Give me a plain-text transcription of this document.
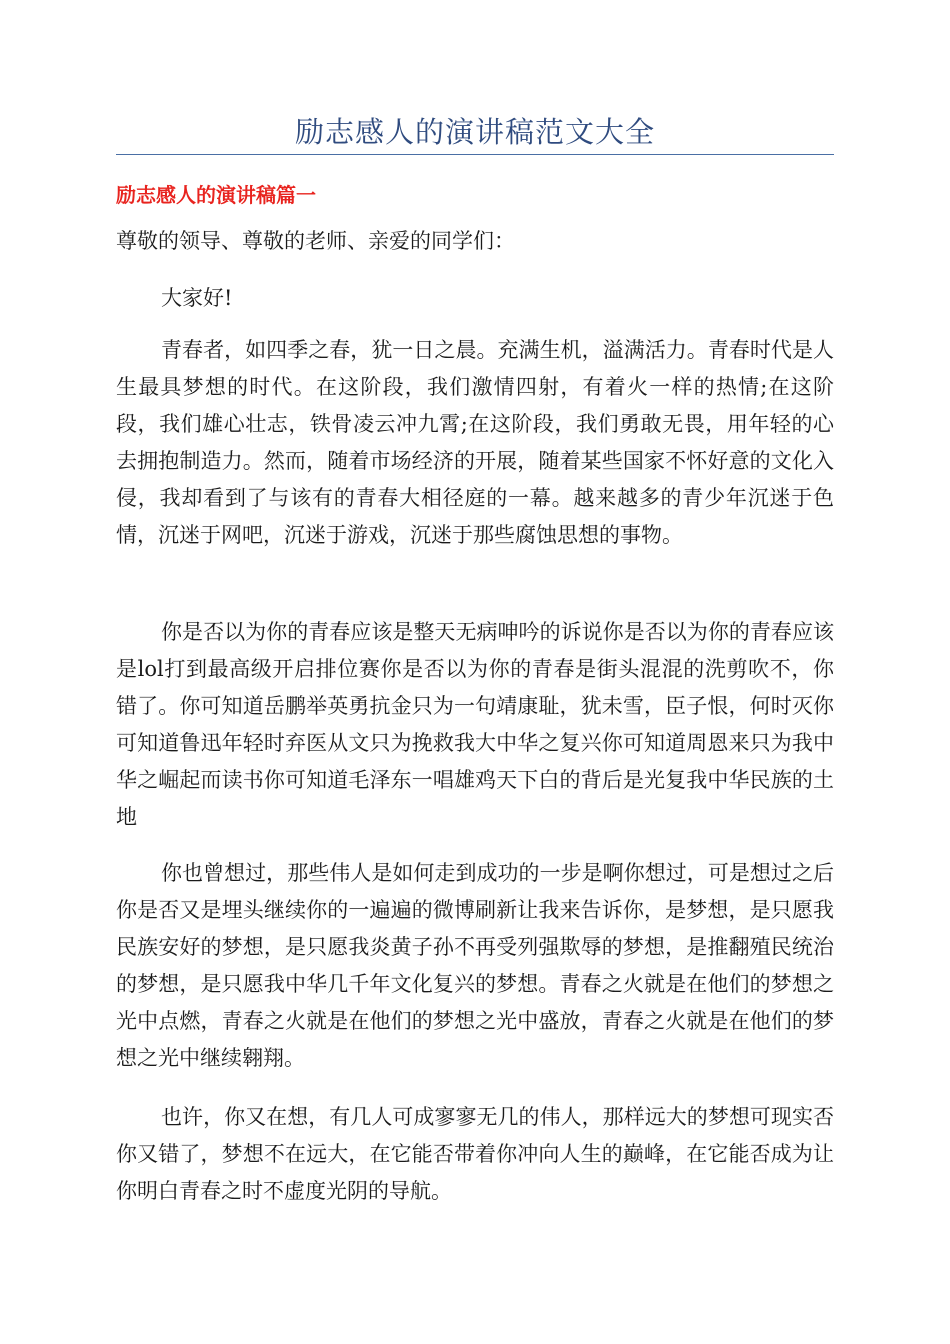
励志感人的演讲稿范文大全
励志感人的演讲稿篇一

尊敬的领导、尊敬的老师、亲爱的同学们：

大家好!

青春者，如四季之春，犹一日之晨。充满生机，溢满活力。青春时代是人生最具梦想的时代。在这阶段，我们激情四射，有着火一样的热情;在这阶段，我们雄心壮志，铁骨凌云冲九霄;在这阶段，我们勇敢无畏，用年轻的心去拥抱制造力。然而，随着市场经济的开展，随着某些国家不怀好意的文化入侵，我却看到了与该有的青春大相径庭的一幕。越来越多的青少年沉迷于色情，沉迷于网吧，沉迷于游戏，沉迷于那些腐蚀思想的事物。

你是否以为你的青春应该是整天无病呻吟的诉说你是否以为你的青春应该是lol打到最高级开启排位赛你是否以为你的青春是街头混混的洗剪吹不，你错了。你可知道岳鹏举英勇抗金只为一句靖康耻，犹未雪，臣子恨，何时灭你可知道鲁迅年轻时弃医从文只为挽救我大中华之复兴你可知道周恩来只为我中华之崛起而读书你可知道毛泽东一唱雄鸡天下白的背后是光复我中华民族的土地

你也曾想过，那些伟人是如何走到成功的一步是啊你想过，可是想过之后你是否又是埋头继续你的一遍遍的微博刷新让我来告诉你，是梦想，是只愿我民族安好的梦想，是只愿我炎黄子孙不再受列强欺辱的梦想，是推翻殖民统治的梦想，是只愿我中华几千年文化复兴的梦想。青春之火就是在他们的梦想之光中点燃，青春之火就是在他们的梦想之光中盛放，青春之火就是在他们的梦想之光中继续翱翔。

也许，你又在想，有几人可成寥寥无几的伟人，那样远大的梦想可现实否你又错了，梦想不在远大，在它能否带着你冲向人生的巅峰，在它能否成为让你明白青春之时不虚度光阴的导航。
